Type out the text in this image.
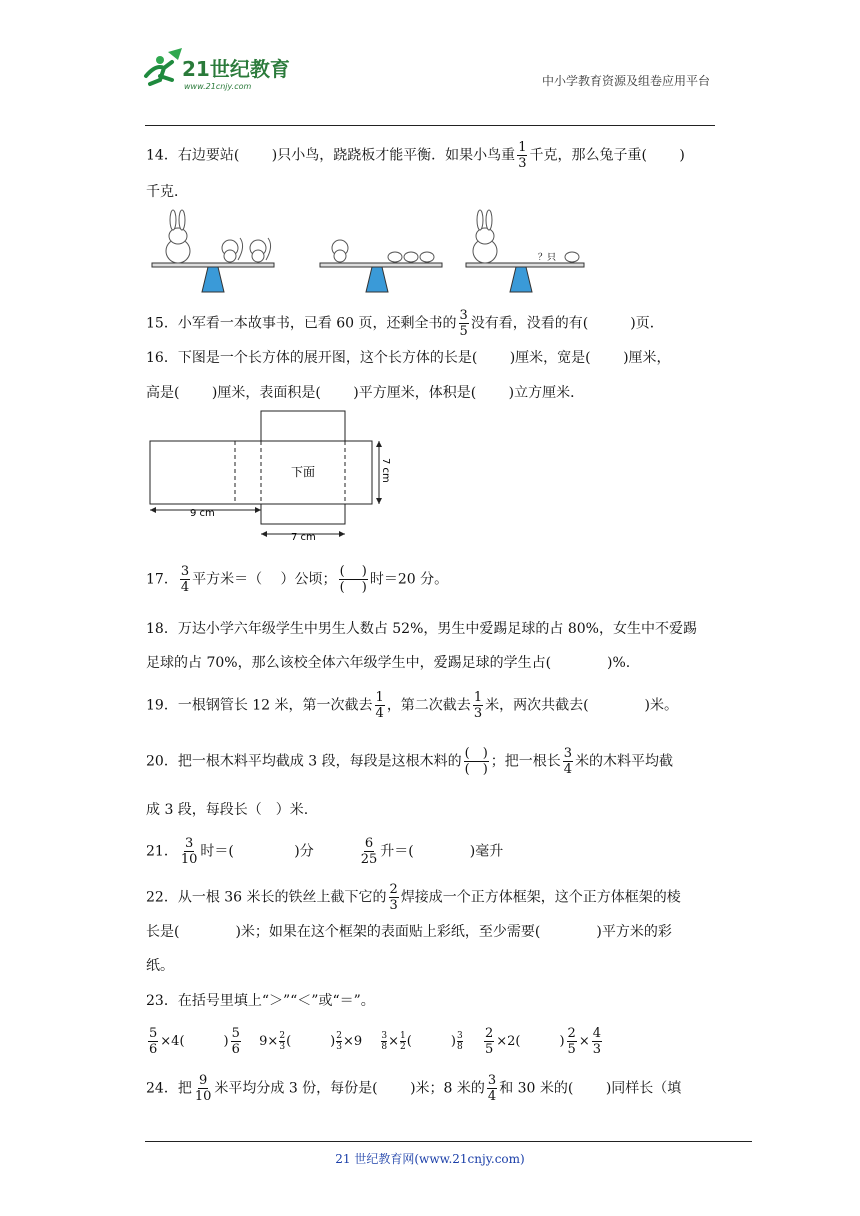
21世纪教育
www.21cnjy.com	中小学教育资源及组卷应用平台
14．右边要站(　　 )只小鸟，跷跷板才能平衡．如果小鸟重 $\frac{1}{3}$ 千克，那么兔子重(　　 )
千克．
？只
15．小军看一本故事书，已看 60 页，还剩全书的 $\frac{3}{5}$ 没有看，没看的有(　　　)页．
16．下图是一个长方体的展开图，这个长方体的长是(　　 )厘米，宽是(　　 )厘米，
高是(　　 )厘米，表面积是(　　 )平方厘米，体积是(　　 )立方厘米．
下面
9 cm
7 cm
7 cm
17． $\frac{3}{4}$ 平方米＝（　 ）公顷； $\frac{( )}{( )}$ 时＝20 分。
18．万达小学六年级学生中男生人数占 52%，男生中爱踢足球的占 80%，女生中不爱踢
足球的占 70%，那么该校全体六年级学生中，爱踢足球的学生占(　　　　)%.
19．一根钢管长 12 米，第一次截去 $\frac{1}{4}$ ，第二次截去 $\frac{1}{3}$ 米，两次共截去(　　　　)米。
20．把一根木料平均截成 3 段，每段是这根木料的 $\frac{( )}{( )}$ ；把一根长 $\frac{3}{4}$ 米的木料平均截
成 3 段，每段长（　）米.
21． $\frac{3}{10}$ 时＝(　　　　 )分	$\frac{6}{25}$ 升＝(　　　　)毫升
22．从一根 36 米长的铁丝上截下它的 $\frac{2}{3}$ 焊接成一个正方体框架，这个正方体框架的棱
长是(　　　　)米；如果在这个框架的表面贴上彩纸，至少需要(　　　　)平方米的彩
纸。
23．在括号里填上“＞”“＜”或“＝”。
$\frac{5}{6} \times 4$(　　　) $\frac{5}{6} 9\times \frac{2}{3}$ (　　　) $\frac{2}{3} \times 9 \frac{3}{8} \times \frac{1}{2}$ (　　　) $\frac{3}{8}$
$\frac{2}{5} \times 2$(　　　) $\frac{2}{5} \times \frac{4}{3}$
24．把 $\frac{9}{10}$ 米平均分成 3 份，每份是(　　 )米；8 米的 $\frac{3}{4}$ 和 30 米的(　　 )同样长（填
21 世纪教育网(www.21cnjy.com)
